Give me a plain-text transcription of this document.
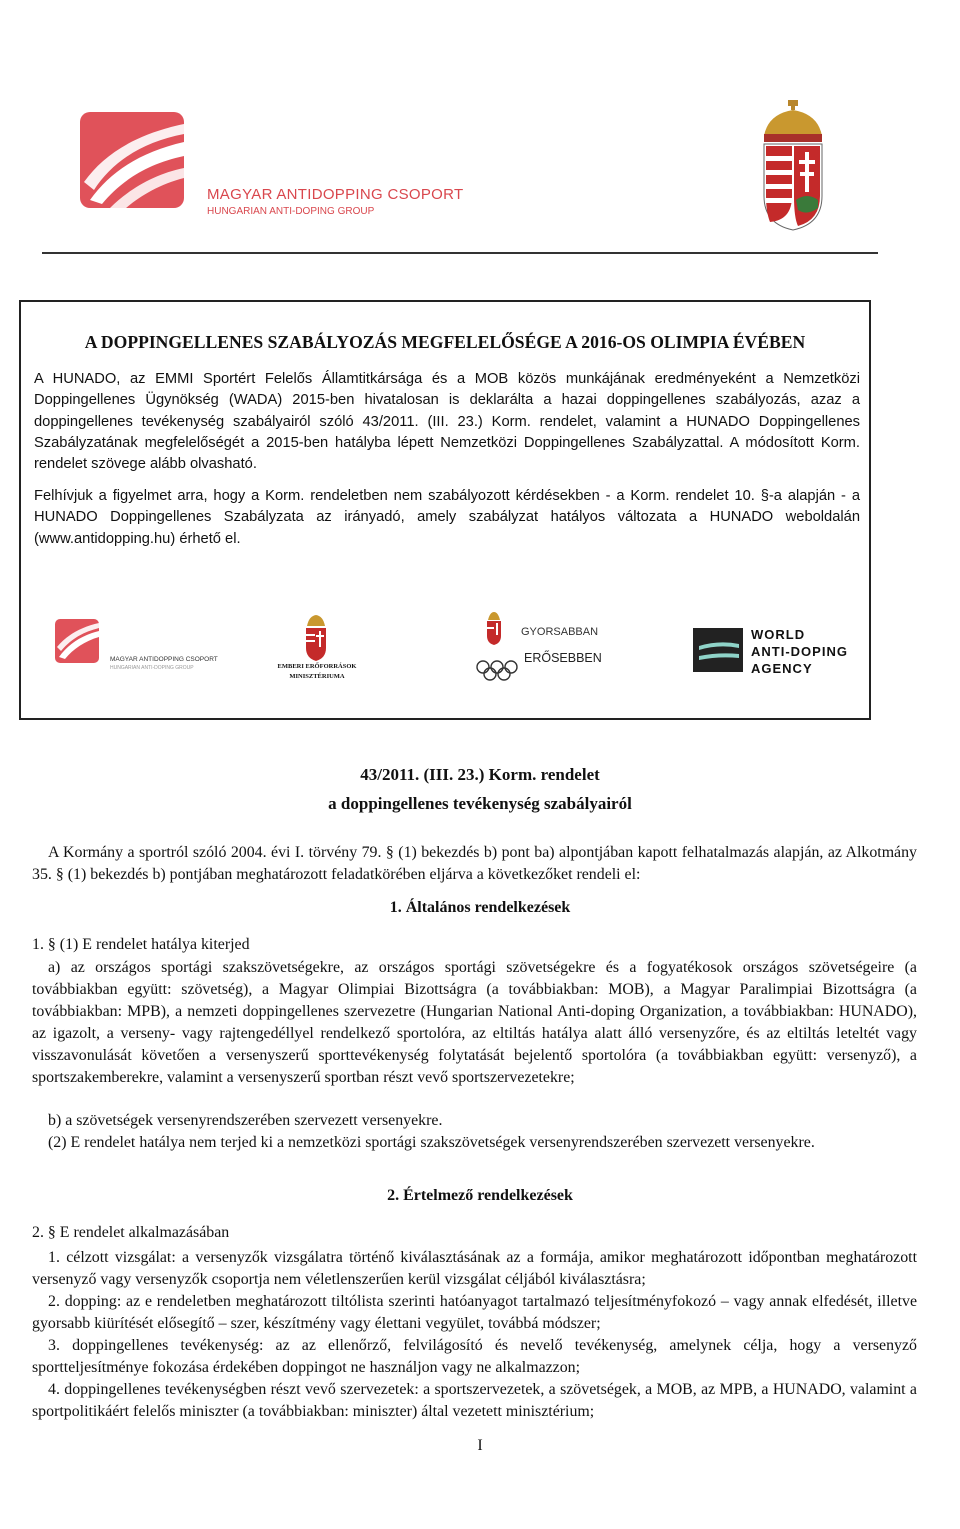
MAGYAR ANTIDOPPING CSOPORT
HUNGARIAN ANTI-DOPING GROUP
A DOPPINGELLENES SZABÁLYOZÁS MEGFELELŐSÉGE A 2016-OS OLIMPIA ÉVÉBEN
A HUNADO, az EMMI Sportért Felelős Államtitkársága és a MOB közös munkájának eredményeként a Nemzetközi Doppingellenes Ügynökség (WADA) 2015-ben hivatalosan is deklarálta a hazai doppingellenes szabályozás, azaz a doppingellenes tevékenység szabályairól szóló 43/2011. (III. 23.) Korm. rendelet, valamint a HUNADO Doppingellenes Szabályzatának megfelelőségét a 2015-ben hatályba lépett Nemzetközi Doppingellenes Szabályzattal. A módosított Korm. rendelet szövege alább olvasható.
Felhívjuk a figyelmet arra, hogy a Korm. rendeletben nem szabályozott kérdésekben - a Korm. rendelet 10. §-a alapján - a HUNADO Doppingellenes Szabályzata az irányadó, amely szabályzat hatályos változata a HUNADO weboldalán (www.antidopping.hu) érhető el.
MAGYAR ANTIDOPPING CSOPORT
HUNGARIAN ANTI-DOPING GROUP	EMBERI ERŐFORRÁSOK
MINISZTÉRIUMA
GYORSABBAN
ERŐSEBBEN
WORLD
ANTI-DOPING
AGENCY
43/2011. (III. 23.) Korm. rendelet
a doppingellenes tevékenység szabályairól
A Kormány a sportról szóló 2004. évi I. törvény 79. § (1) bekezdés b) pont ba) alpontjában kapott felhatalmazás alapján, az Alkotmány 35. § (1) bekezdés b) pontjában meghatározott feladatkörében eljárva a következőket rendeli el:
1. Általános rendelkezések
1. § (1) E rendelet hatálya kiterjed
a) az országos sportági szakszövetségekre, az országos sportági szövetségekre és a fogyatékosok országos szövetségeire (a továbbiakban együtt: szövetség), a Magyar Olimpiai Bizottságra (a továbbiakban: MOB), a Magyar Paralimpiai Bizottságra (a továbbiakban: MPB), a nemzeti doppingellenes szervezetre (Hungarian National Anti-doping Organization, a továbbiakban: HUNADO), az igazolt, a verseny- vagy rajtengedéllyel rendelkező sportolóra, az eltiltás hatálya alatt álló versenyzőre, és az eltiltás leteltét vagy visszavonulását követően a versenyszerű sporttevékenység folytatását bejelentő sportolóra (a továbbiakban együtt: versenyző), a sportszakemberekre, valamint a versenyszerű sportban részt vevő sportszervezetekre;
b) a szövetségek versenyrendszerében szervezett versenyekre.
(2) E rendelet hatálya nem terjed ki a nemzetközi sportági szakszövetségek versenyrendszerében szervezett versenyekre.
2. Értelmező rendelkezések
2. § E rendelet alkalmazásában
1. célzott vizsgálat: a versenyzők vizsgálatra történő kiválasztásának az a formája, amikor meghatározott időpontban meghatározott versenyző vagy versenyzők csoportja nem véletlenszerűen kerül vizsgálat céljából kiválasztásra;
2. dopping: az e rendeletben meghatározott tiltólista szerinti hatóanyagot tartalmazó teljesítményfokozó – vagy annak elfedését, illetve gyorsabb kiürítését elősegítő – szer, készítmény vagy élettani vegyület, továbbá módszer;
3. doppingellenes tevékenység: az az ellenőrző, felvilágosító és nevelő tevékenység, amelynek célja, hogy a versenyző sportteljesítménye fokozása érdekében doppingot ne használjon vagy ne alkalmazzon;
4. doppingellenes tevékenységben részt vevő szervezetek: a sportszervezetek, a szövetségek, a MOB, az MPB, a HUNADO, valamint a sportpolitikáért felelős miniszter (a továbbiakban: miniszter) által vezetett minisztérium;
I
